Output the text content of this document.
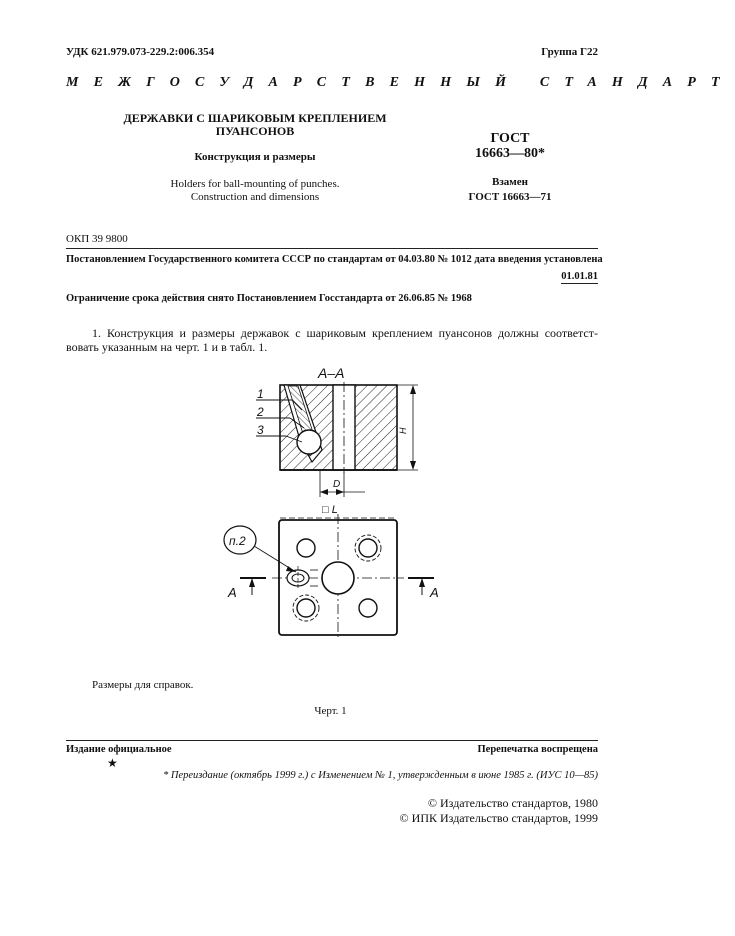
УДК 621.979.073-229.2:006.354	Группа Г22
МЕЖГОСУДАРСТВЕННЫЙ СТАНДАРТ
ДЕРЖАВКИ С ШАРИКОВЫМ КРЕПЛЕНИЕМ
ПУАНСОНОВ
Конструкция и размеры
Holders for ball-mounting of punches.
Construction and dimensions
ГОСТ
16663—80*
Взамен
ГОСТ 16663—71
ОКП 39 9800
Постановлением Государственного комитета СССР по стандартам от 04.03.80 № 1012 дата введения установлена
01.01.81
Ограничение срока действия снято Постановлением Госстандарта от 26.06.85 № 1968
1. Конструкция и размеры державок с шариковым креплением пуансонов должны соответст-вовать указанным на черт. 1 и в табл. 1.
А–А
1
2
3	H
D
□ L
п.2
А	А
Размеры для справок.
Черт. 1
Издание официальное	Перепечатка воспрещена
★
* Переиздание (октябрь 1999 г.) с Изменением № 1, утвержденным в июне 1985 г. (ИУС 10—85)
© Издательство стандартов, 1980
© ИПК Издательство стандартов, 1999
